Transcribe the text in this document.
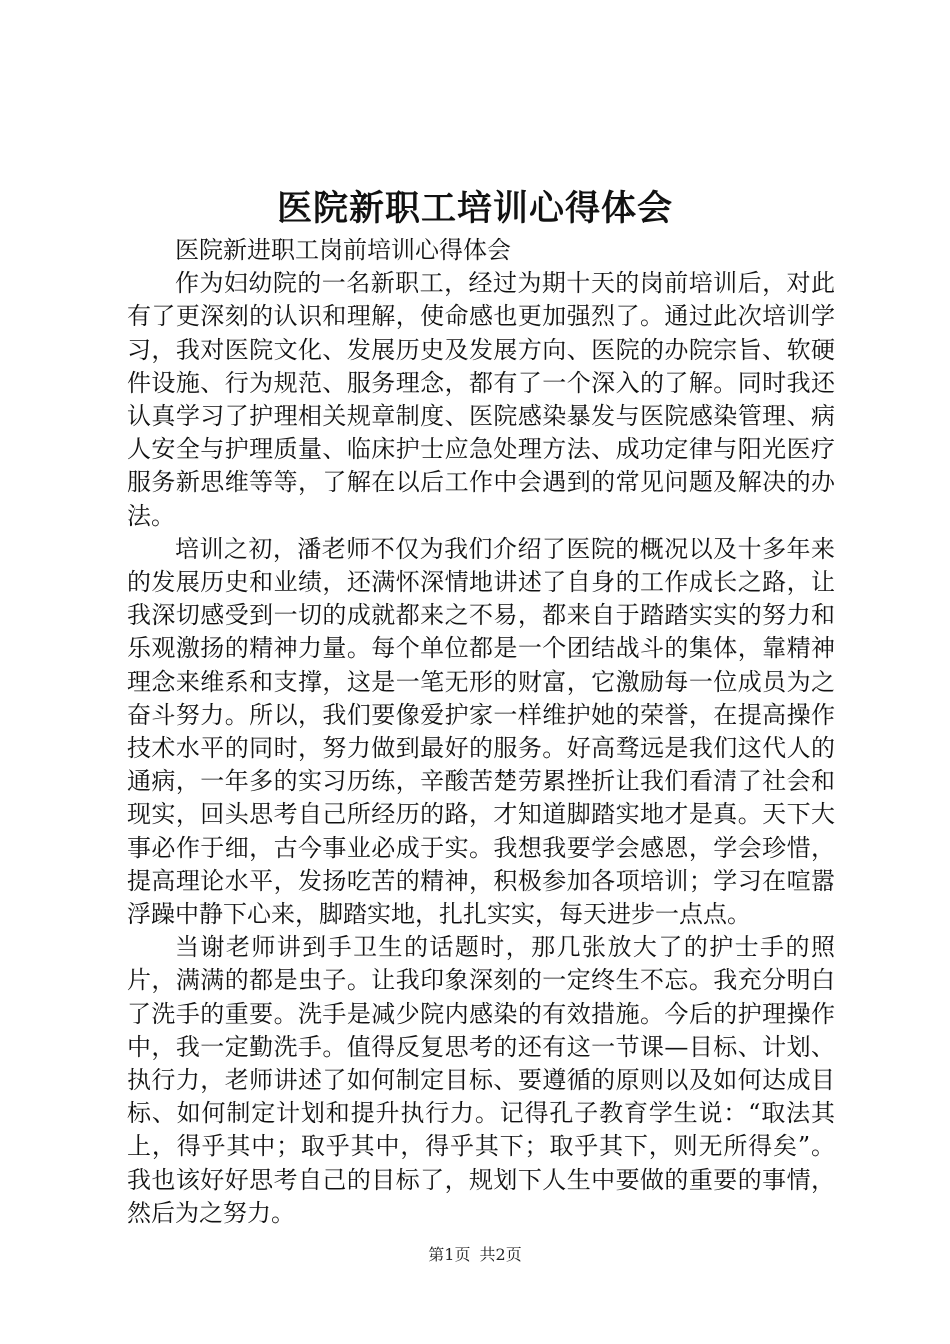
医院新职工培训心得体会

医院新进职工岗前培训心得体会

作为妇幼院的一名新职工，经过为期十天的岗前培训后，对此有了更深刻的认识和理解，使命感也更加强烈了。通过此次培训学习，我对医院文化、发展历史及发展方向、医院的办院宗旨、软硬件设施、行为规范、服务理念，都有了一个深入的了解。同时我还认真学习了护理相关规章制度、医院感染暴发与医院感染管理、病人安全与护理质量、临床护士应急处理方法、成功定律与阳光医疗服务新思维等等，了解在以后工作中会遇到的常见问题及解决的办法。

培训之初，潘老师不仅为我们介绍了医院的概况以及十多年来的发展历史和业绩，还满怀深情地讲述了自身的工作成长之路，让我深切感受到一切的成就都来之不易，都来自于踏踏实实的努力和乐观激扬的精神力量。每个单位都是一个团结战斗的集体，靠精神理念来维系和支撑，这是一笔无形的财富，它激励每一位成员为之奋斗努力。所以，我们要像爱护家一样维护她的荣誉，在提高操作技术水平的同时，努力做到最好的服务。好高骛远是我们这代人的通病，一年多的实习历练，辛酸苦楚劳累挫折让我们看清了社会和现实，回头思考自己所经历的路，才知道脚踏实地才是真。天下大事必作于细，古今事业必成于实。我想我要学会感恩，学会珍惜，提高理论水平，发扬吃苦的精神，积极参加各项培训；学习在喧嚣浮躁中静下心来，脚踏实地，扎扎实实，每天进步一点点。

当谢老师讲到手卫生的话题时，那几张放大了的护士手的照片，满满的都是虫子。让我印象深刻的一定终生不忘。我充分明白了洗手的重要。洗手是减少院内感染的有效措施。今后的护理操作中，我一定勤洗手。值得反复思考的还有这一节课—目标、计划、执行力，老师讲述了如何制定目标、要遵循的原则以及如何达成目标、如何制定计划和提升执行力。记得孔子教育学生说：“取法其上，得乎其中；取乎其中，得乎其下；取乎其下，则无所得矣”。我也该好好思考自己的目标了，规划下人生中要做的重要的事情，然后为之努力。

第1页 共2页
